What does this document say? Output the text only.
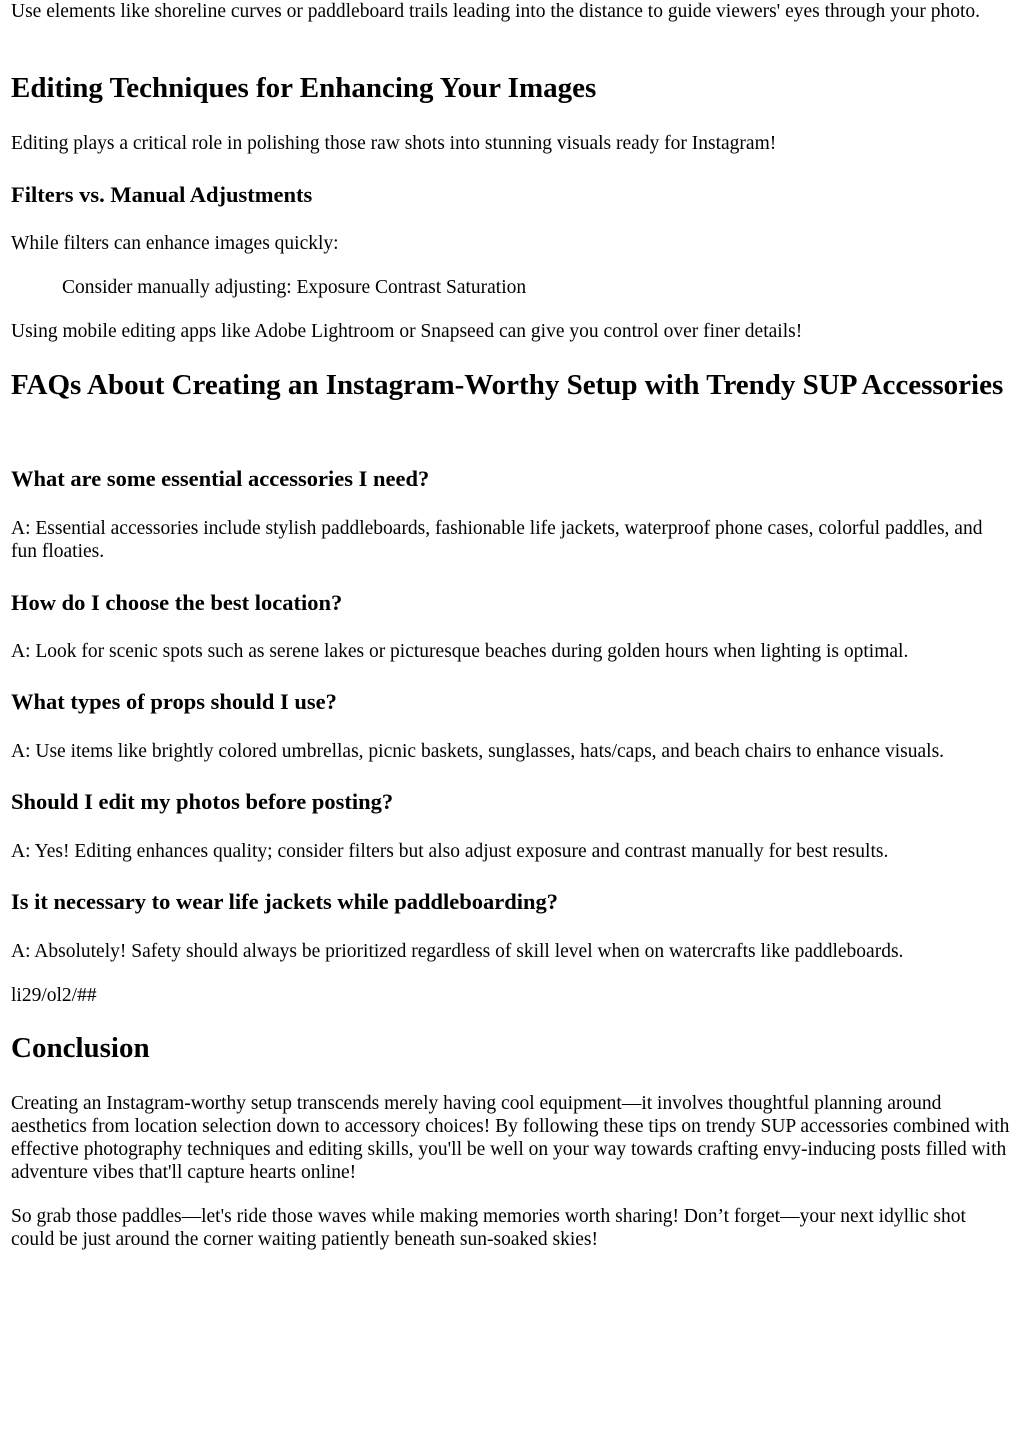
Use elements like shoreline curves or paddleboard trails leading into the distance to guide viewers' eyes through your photo.

Editing Techniques for Enhancing Your Images

Editing plays a critical role in polishing those raw shots into stunning visuals ready for Instagram!

Filters vs. Manual Adjustments

While filters can enhance images quickly:

Consider manually adjusting: Exposure Contrast Saturation

Using mobile editing apps like Adobe Lightroom or Snapseed can give you control over finer details!

FAQs About Creating an Instagram-Worthy Setup with Trendy SUP Accessories
What are some essential accessories I need?

A: Essential accessories include stylish paddleboards, fashionable life jackets, waterproof phone cases, colorful paddles, and fun floaties.

How do I choose the best location?

A: Look for scenic spots such as serene lakes or picturesque beaches during golden hours when lighting is optimal.

What types of props should I use?

A: Use items like brightly colored umbrellas, picnic baskets, sunglasses, hats/caps, and beach chairs to enhance visuals.

Should I edit my photos before posting?

A: Yes! Editing enhances quality; consider filters but also adjust exposure and contrast manually for best results.

Is it necessary to wear life jackets while paddleboarding?

A: Absolutely! Safety should always be prioritized regardless of skill level when on watercrafts like paddleboards.

li29/ol2/##

Conclusion

Creating an Instagram-worthy setup transcends merely having cool equipment—it involves thoughtful planning around aesthetics from location selection down to accessory choices! By following these tips on trendy SUP accessories combined with effective photography techniques and editing skills, you'll be well on your way towards crafting envy-inducing posts filled with adventure vibes that'll capture hearts online!

So grab those paddles—let's ride those waves while making memories worth sharing! Don’t forget—your next idyllic shot could be just around the corner waiting patiently beneath sun-soaked skies!
